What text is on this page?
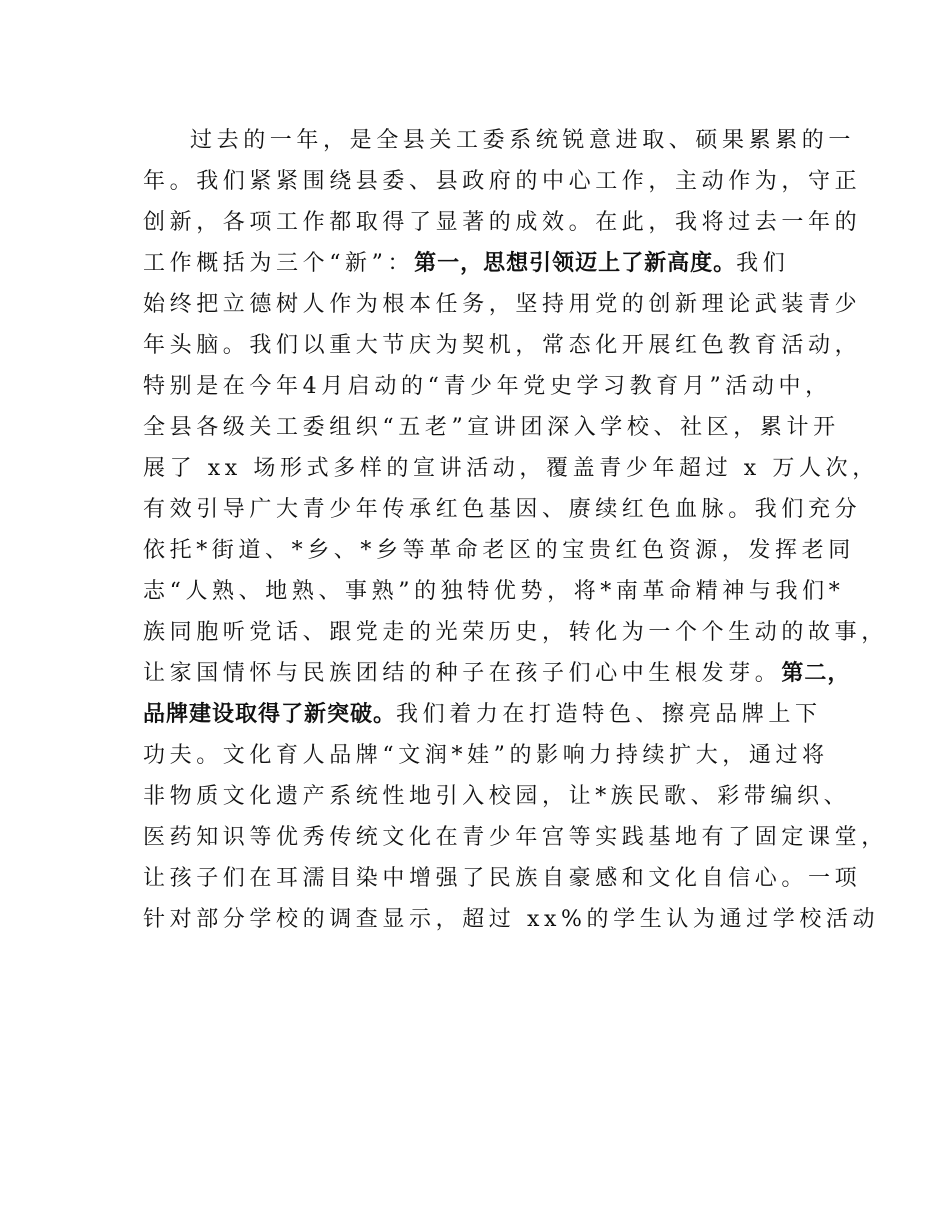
过去的一年，是全县关工委系统锐意进取、硕果累累的一
年。我们紧紧围绕县委、县政府的中心工作，主动作为，守正
创新，各项工作都取得了显著的成效。在此，我将过去一年的
工作概括为三个“新”：第一，思想引领迈上了新高度。我们
始终把立德树人作为根本任务，坚持用党的创新理论武装青少
年头脑。我们以重大节庆为契机，常态化开展红色教育活动，
特别是在今年4月启动的“青少年党史学习教育月”活动中，
全县各级关工委组织“五老”宣讲团深入学校、社区，累计开
展了 xx 场形式多样的宣讲活动，覆盖青少年超过 x 万人次，
有效引导广大青少年传承红色基因、赓续红色血脉。我们充分
依托*街道、*乡、*乡等革命老区的宝贵红色资源，发挥老同
志“人熟、地熟、事熟”的独特优势，将*南革命精神与我们*
族同胞听党话、跟党走的光荣历史，转化为一个个生动的故事，
让家国情怀与民族团结的种子在孩子们心中生根发芽。第二，
品牌建设取得了新突破。我们着力在打造特色、擦亮品牌上下
功夫。文化育人品牌“文润*娃”的影响力持续扩大，通过将
非物质文化遗产系统性地引入校园，让*族民歌、彩带编织、
医药知识等优秀传统文化在青少年宫等实践基地有了固定课堂，
让孩子们在耳濡目染中增强了民族自豪感和文化自信心。一项
针对部分学校的调查显示，超过 xx%的学生认为通过学校活动
